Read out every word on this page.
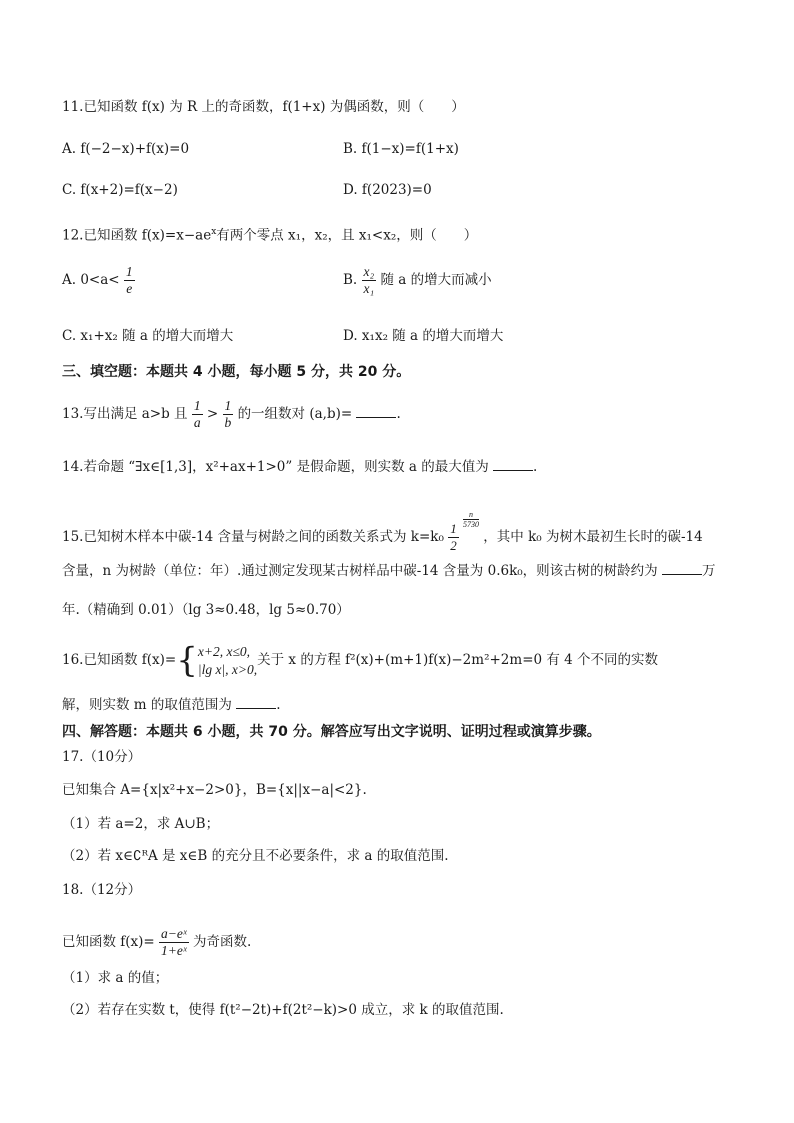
11.已知函数 f(x) 为 R 上的奇函数，f(1+x) 为偶函数，则（　　）
A. f(−2−x)+f(x)=0	B. f(1−x)=f(1+x)
C. f(x+2)=f(x−2)	D. f(2023)=0
12.已知函数 $f(x)=x-ae^x$有两个零点 x₁，x₂，且 x₁<x₂，则（　　）
A. $0<a< \frac{1}{e}$	B. $\frac{\text{x₂}}{\text{x₁}}$ 随 a 的增大而减小
C. x₁+x₂ 随 a 的增大而增大	D. x₁x₂ 随 a 的增大而增大
三、填空题：本题共 4 小题，每小题 5 分，共 20 分。
13.写出满足 a>b 且 $\frac{1}{a} > \frac{1}{b}$ 的一组数对 (a,b)=	.
14.若命题 “∃x∈[1,3]，x²+ax+1>0” 是假命题，则实数 a 的最大值为	.
15.已知树木样本中碳-14 含量与树龄之间的函数关系式为 $k=k_0 \frac{1}{2}$

$\frac{n}{5730}$
，其中 k₀ 为树木最初生长时的碳-14
含量，n 为树龄（单位：年）.通过测定发现某古树样品中碳-14 含量为 0.6k₀，则该古树的树龄约为	万
年.（精确到 0.01）（lg 3≈0.48，lg 5≈0.70）
16.已知函数 f(x)={ x+2, x≤0,
|lg x|, x>0,
关于 x 的方程 f²(x)+(m+1)f(x)−2m²+2m=0 有 4 个不同的实数
解，则实数 m 的取值范围为	.
四、解答题：本题共 6 小题，共 70 分。解答应写出文字说明、证明过程或演算步骤。
17.（10分）
已知集合 A={x|x²+x−2>0}，B={x||x−a|<2}.
（1）若 a=2，求 A∪B；
（2）若 x∈∁ᴿA 是 x∈B 的充分且不必要条件，求 a 的取值范围.
18.（12分）
已知函数 $f(x)= \frac{\text{a−eˣ}}{\text{1+eˣ}}$ 为奇函数.
（1）求 a 的值；
（2）若存在实数 t，使得 f(t²−2t)+f(2t²−k)>0 成立，求 k 的取值范围.
